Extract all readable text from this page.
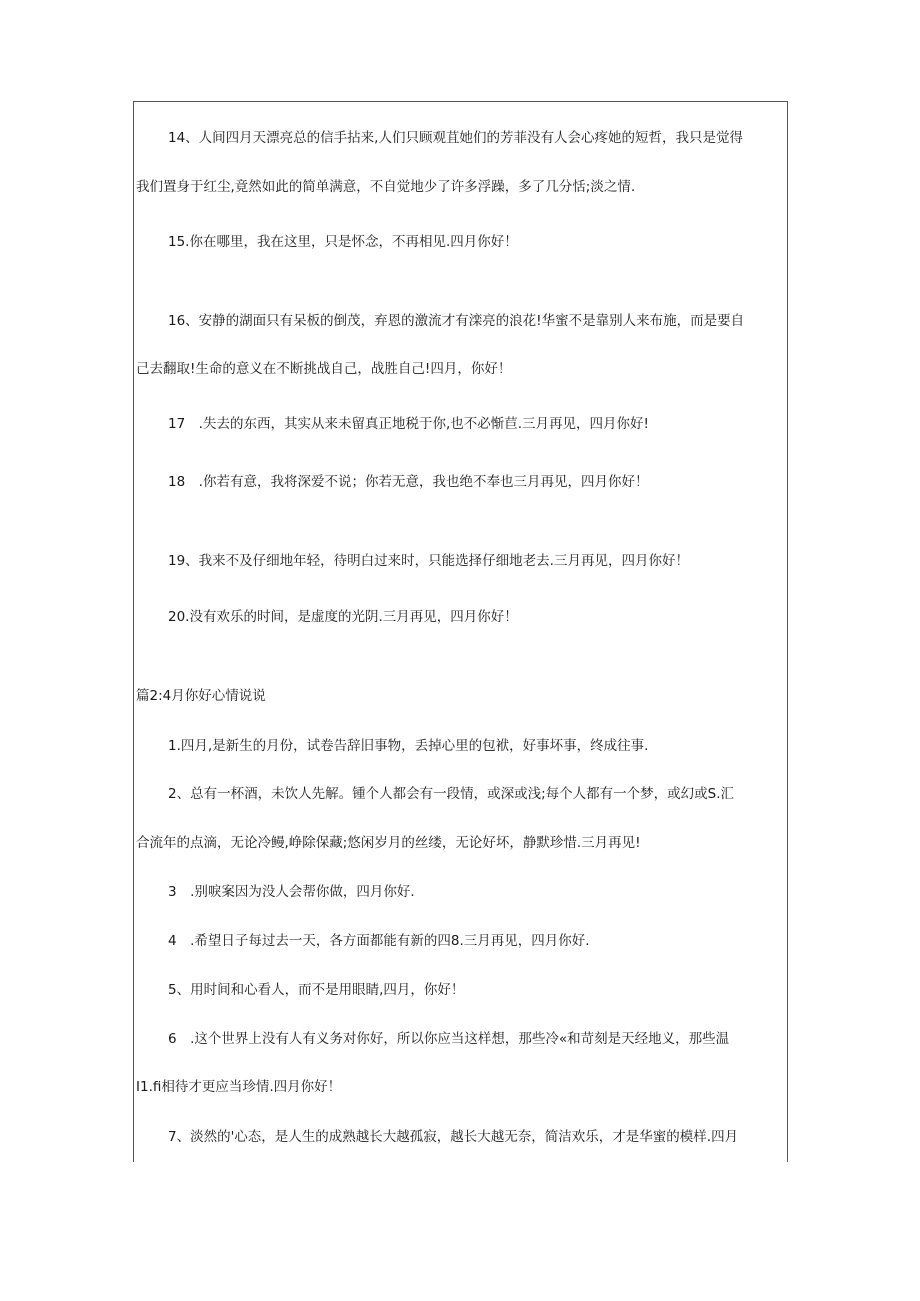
14、人间四月天漂亮总的信手拈来,人们只顾观苴她们的芳菲没有人会心疼她的短哲，我只是觉得
我们置身于红尘,竟然如此的简单满意，不自觉地少了许多浮躁，多了几分恬;淡之情.
15.你在哪里，我在这里，只是怀念，不再相见.四月你好！
16、安静的湖面只有呆板的倒茂，弃恩的激流才有滦亮的浪花!华蜜不是靠别人来布施，而是要自
己去翻取!生命的意义在不断挑战自己，战胜自己!四月，你好！
17　.失去的东西，其实从来未留真正地税于你,也不必惭苣.三月再见，四月你好!
18　.你若有意，我将深爱不说；你若无意，我也绝不奉也三月再见，四月你好！
19、我来不及仔细地年轻，待明白过来时，只能选择仔细地老去.三月再见，四月你好！
20.没有欢乐的时间，是虚度的光阴.三月再见，四月你好！
篇2:4月你好心情说说
1.四月,是新生的月份，试卷告辞旧事物，丢掉心里的包袱，好事坏事，终成往事.
2、总有一杯酒，未饮人先解。锺个人都会有一段情，或深或浅;每个人都有一个梦，或幻或S.汇
合流年的点滴，无论冷鳗,峥除保藏;悠闲岁月的丝缕，无论好坏，静默珍惜.三月再见!
3　.别唳案因为没人会帮你做，四月你好.
4　.希望日子每过去一天，各方面都能有新的四8.三月再见，四月你好.
5、用时间和心看人，而不是用眼睛,四月，你好！
6　.这个世界上没有人有义务对你好，所以你应当这样想，那些冷«和苛刻是天经地义，那些温
I1.fi相待才更应当珍情.四月你好！
7、淡然的'心态，是人生的成熟越长大越孤寂，越长大越无奈，简洁欢乐，才是华蜜的模样.四月
